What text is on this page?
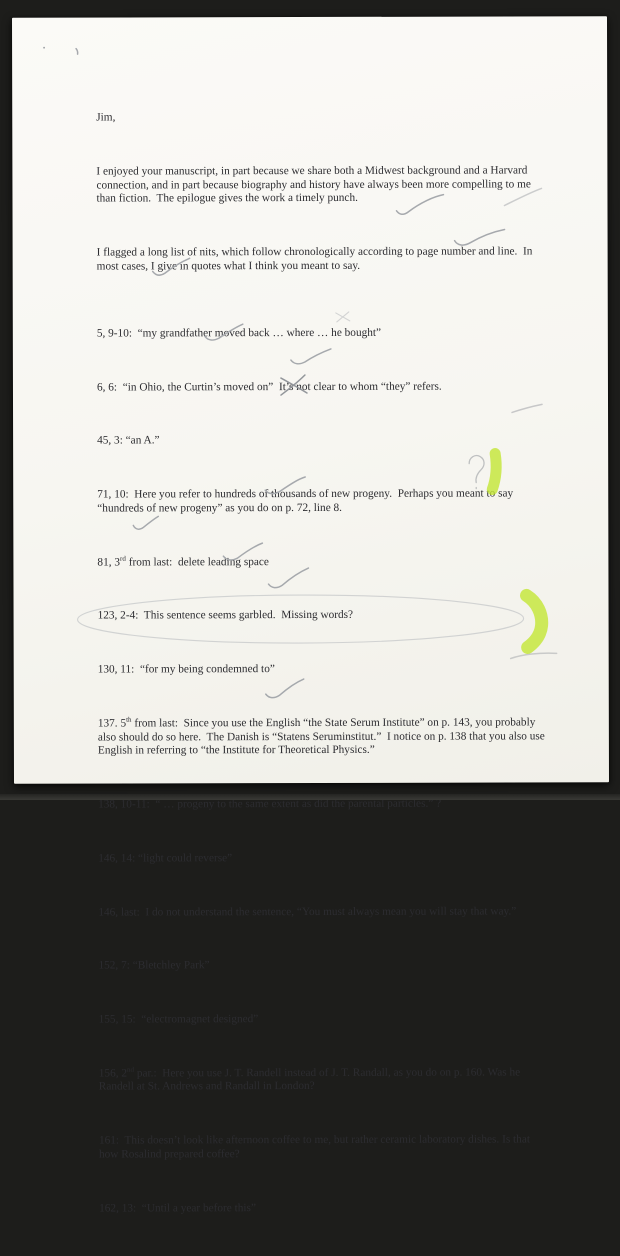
Jim,

I enjoyed your manuscript, in part because we share both a Midwest background and a Harvard connection, and in part because biography and history have always been more compelling to me than fiction.  The epilogue gives the work a timely punch.

I flagged a long list of nits, which follow chronologically according to page number and line.  In most cases, I give in quotes what I think you meant to say.

5, 9-10:  “my grandfather moved back … where … he bought”

6, 6:  “in Ohio, the Curtin’s moved on”  It’s not clear to whom “they” refers.

45, 3: “an A.”

71, 10:  Here you refer to hundreds of thousands of new progeny.  Perhaps you meant to say “hundreds of new progeny” as you do on p. 72, line 8.

81, 3rd from last:  delete leading space

123, 2-4:  This sentence seems garbled.  Missing words?

130, 11:  “for my being condemned to”

137. 5th from last:  Since you use the English “the State Serum Institute” on p. 143, you probably also should do so here.  The Danish is “Statens Seruminstitut.”  I notice on p. 138 that you also use English in referring to “the Institute for Theoretical Physics.”

138, 10-11:  “ … progeny to the same extent as did the parental particles.” ?

146, 14: “light could reverse”

146, last:  I do not understand the sentence, “You must always mean you will stay that way.”

152, 7: “Bletchley Park”

155, 15:  “electromagnet designed”

156, 2nd par.:  Here you use J. T. Randell instead of J. T. Randall, as you do on p. 160. Was he Randell at St. Andrews and Randall in London?

161:  This doesn’t look like afternoon coffee to me, but rather ceramic laboratory dishes. Is that how Rosalind prepared coffee?

162, 13:  “Until a year before this”
